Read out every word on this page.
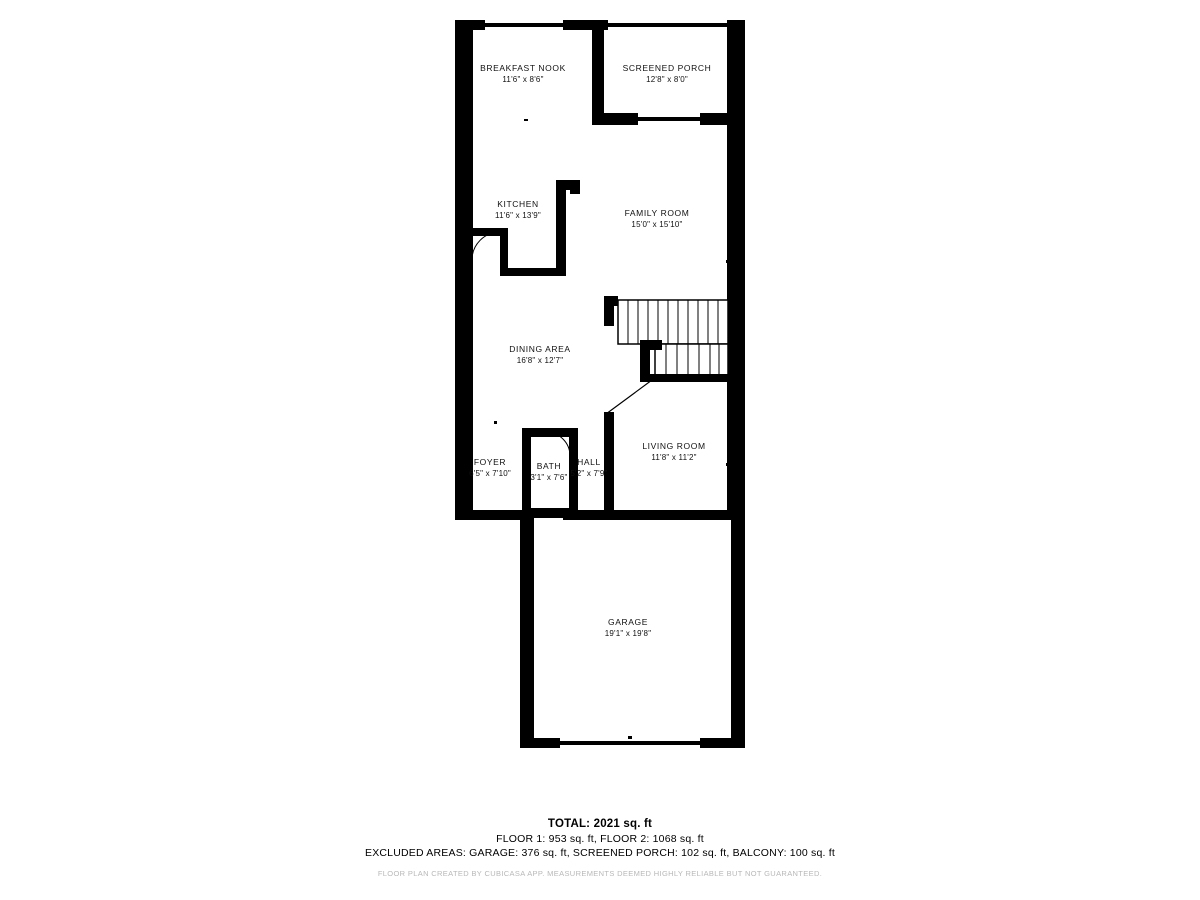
BREAKFAST NOOK
11'6" x 8'6"
SCREENED PORCH
12'8" x 8'0"
KITCHEN
11'6" x 13'9"	FAMILY ROOM
15'0" x 15'10"
DINING AREA
16'8" x 12'7"
LIVING ROOM
11'8" x 11'2"
FOYER
6'5" x 7'10"
BATH
3'1" x 7'6"
HALL
5'2" x 7'9"
GARAGE
19'1" x 19'8"
TOTAL: 2021 sq. ft
FLOOR 1: 953 sq. ft, FLOOR 2: 1068 sq. ft
EXCLUDED AREAS: GARAGE: 376 sq. ft, SCREENED PORCH: 102 sq. ft, BALCONY: 100 sq. ft
FLOOR PLAN CREATED BY CUBICASA APP. MEASUREMENTS DEEMED HIGHLY RELIABLE BUT NOT GUARANTEED.
